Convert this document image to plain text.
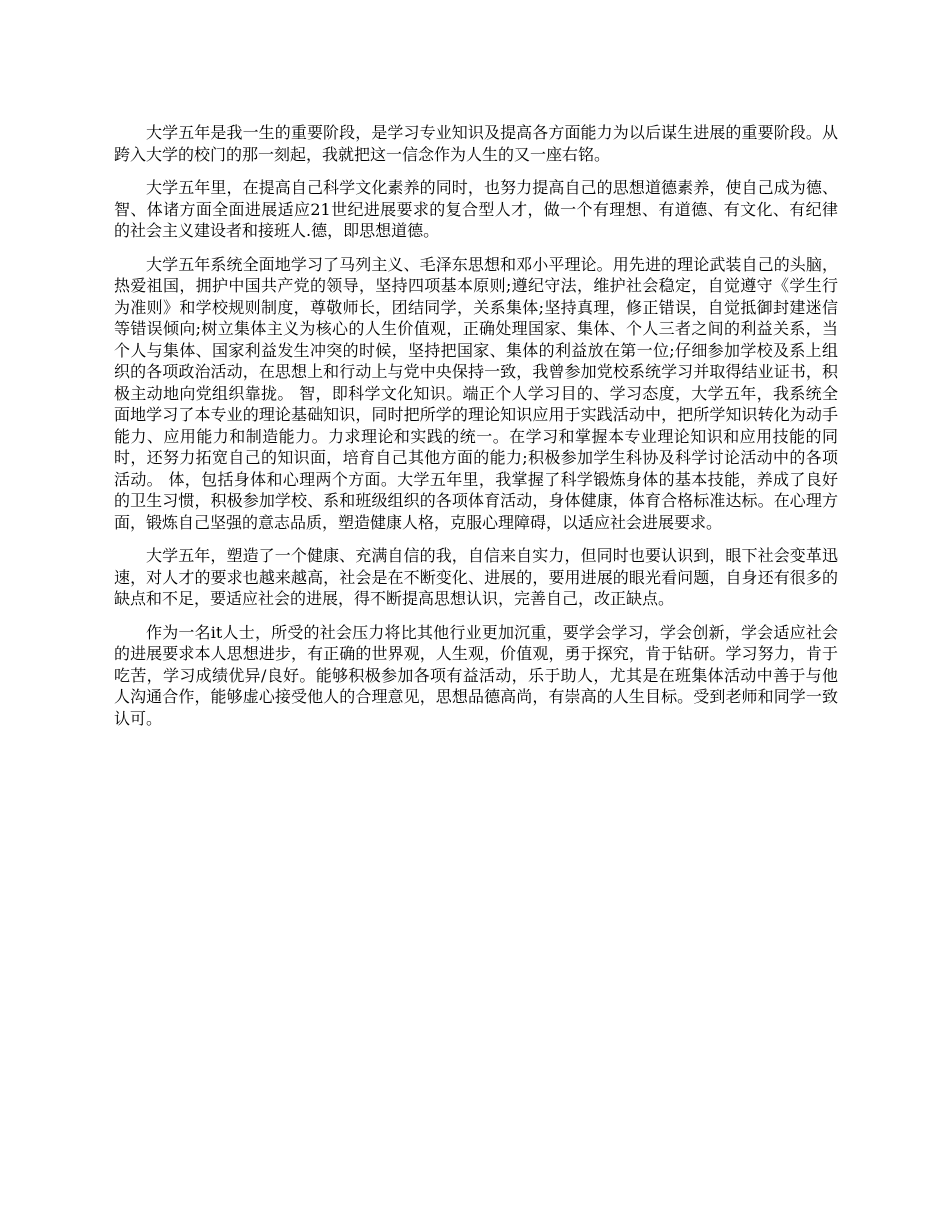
大学五年是我一生的重要阶段，是学习专业知识及提高各方面能力为以后谋生进展的重要阶段。从跨入大学的校门的那一刻起，我就把这一信念作为人生的又一座右铭。

大学五年里，在提高自己科学文化素养的同时，也努力提高自己的思想道德素养，使自己成为德、智、体诸方面全面进展适应21世纪进展要求的复合型人才，做一个有理想、有道德、有文化、有纪律的社会主义建设者和接班人.德，即思想道德。

大学五年系统全面地学习了马列主义、毛泽东思想和邓小平理论。用先进的理论武装自己的头脑，热爱祖国，拥护中国共产党的领导，坚持四项基本原则;遵纪守法，维护社会稳定，自觉遵守《学生行为准则》和学校规则制度，尊敬师长，团结同学，关系集体;坚持真理，修正错误，自觉抵御封建迷信等错误倾向;树立集体主义为核心的人生价值观，正确处理国家、集体、个人三者之间的利益关系，当个人与集体、国家利益发生冲突的时候，坚持把国家、集体的利益放在第一位;仔细参加学校及系上组织的各项政治活动，在思想上和行动上与党中央保持一致，我曾参加党校系统学习并取得结业证书，积极主动地向党组织靠拢。 智，即科学文化知识。端正个人学习目的、学习态度，大学五年，我系统全面地学习了本专业的理论基础知识，同时把所学的理论知识应用于实践活动中，把所学知识转化为动手能力、应用能力和制造能力。力求理论和实践的统一。在学习和掌握本专业理论知识和应用技能的同时，还努力拓宽自己的知识面，培育自己其他方面的能力;积极参加学生科协及科学讨论活动中的各项活动。 体，包括身体和心理两个方面。大学五年里，我掌握了科学锻炼身体的基本技能，养成了良好的卫生习惯，积极参加学校、系和班级组织的各项体育活动，身体健康，体育合格标准达标。在心理方面，锻炼自己坚强的意志品质，塑造健康人格，克服心理障碍，以适应社会进展要求。

大学五年，塑造了一个健康、充满自信的我，自信来自实力，但同时也要认识到，眼下社会变革迅速，对人才的要求也越来越高，社会是在不断变化、进展的，要用进展的眼光看问题，自身还有很多的缺点和不足，要适应社会的进展，得不断提高思想认识，完善自己，改正缺点。

作为一名it人士，所受的社会压力将比其他行业更加沉重，要学会学习，学会创新，学会适应社会的进展要求本人思想进步，有正确的世界观，人生观，价值观，勇于探究，肯于钻研。学习努力，肯于吃苦，学习成绩优异/良好。能够积极参加各项有益活动，乐于助人，尤其是在班集体活动中善于与他人沟通合作，能够虚心接受他人的合理意见，思想品德高尚，有崇高的人生目标。受到老师和同学一致认可。
